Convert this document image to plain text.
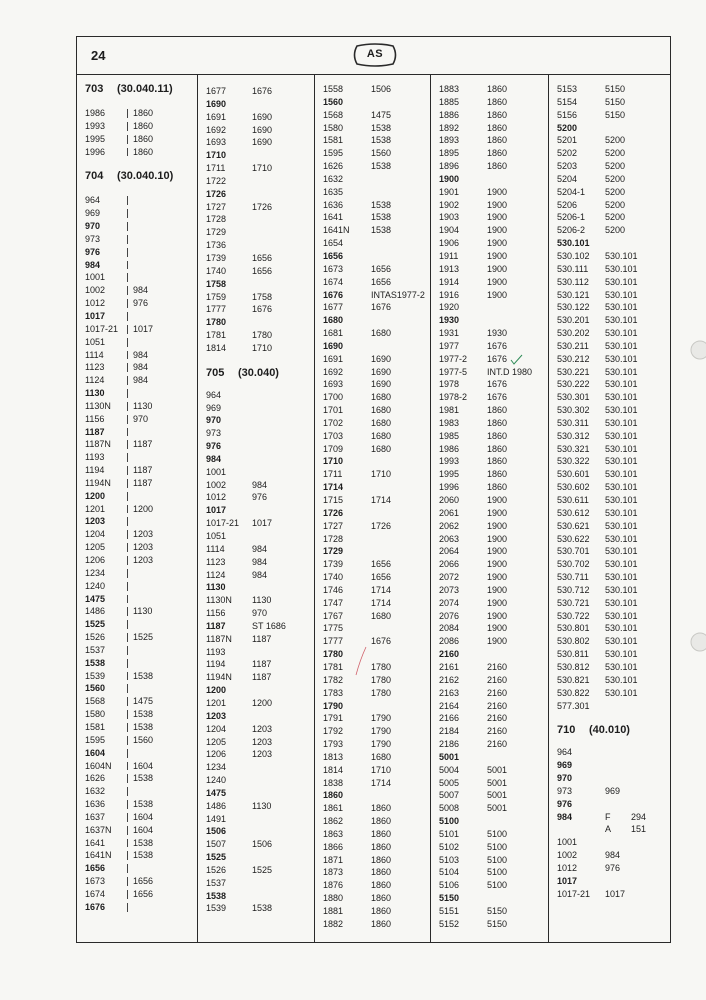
24	AS
703 (30.040.11)
1986	1860
1993	1860
1995	1860
1996	1860
704 (30.040.10)
964
969
970
973
976
984
1001
1002	984
1012	976
1017
1017-21 1017
1051
1114	984
1123	984
1124	984
1130
1130N 1130
1156	970
1187
1187N 1187
1193
1194	1187
1194N 1187
1200
1201	1200
1203
1204	1203
1205	1203
1206	1203
1234
1240
1475
1486	1130
1525
1526	1525
1537
1538
1539	1538
1560
1568	1475
1580	1538
1581	1538
1595	1560
1604
1604N 1604
1626	1538
1632
1636	1538
1637	1604
1637N 1604
1641	1538
1641N 1538
1656
1673	1656
1674	1656
1676
1677	1676
1690
1691	1690
1692	1690
1693	1690
1710
1711	1710
1722
1726
1727	1726
1728
1729
1736
1739	1656
1740	1656
1758
1759	1758
1777	1676
1780
1781	1780
1814	1710
705 (30.040)
964
969
970
973
976
984
1001
1002	984
1012	976
1017
1017-21 1017
1051
1114	984
1123	984
1124	984
1130
1130N 1130
1156	970
1187	ST 1686
1187N 1187
1193
1194	1187
1194N 1187
1200
1201	1200
1203
1204	1203
1205	1203
1206	1203
1234
1240
1475
1486	1130
1491
1506
1507	1506
1525
1526	1525
1537
1538
1539	1538
1558	1506
1560
1568	1475
1580	1538
1581	1538
1595	1560
1626	1538
1632
1635
1636	1538
1641	1538
1641N 1538
1654
1656
1673	1656
1674	1656
1676	INTAS1977-2
1677	1676
1680
1681	1680
1690
1691	1690
1692	1690
1693	1690
1700	1680
1701	1680
1702	1680
1703	1680
1709	1680
1710
1711	1710
1714
1715	1714
1726
1727	1726
1728
1729
1739	1656
1740	1656
1746	1714
1747	1714
1767	1680
1775
1777	1676
1780
1781	1780
1782	1780
1783	1780
1790
1791	1790
1792	1790
1793	1790
1813	1680
1814	1710
1838	1714
1860
1861	1860
1862	1860
1863	1860
1866	1860
1871	1860
1873	1860
1876	1860
1880	1860
1881	1860
1882	1860
1883	1860
1885	1860
1886	1860
1892	1860
1893	1860
1895	1860
1896	1860
1900
1901	1900
1902	1900
1903	1900
1904	1900
1906	1900
1911	1900
1913	1900
1914	1900
1916	1900
1920
1930
1931	1930
1977	1676
1977-2 1676
1977-5 INT.D 1980
1978	1676
1978-2 1676
1981	1860
1983	1860
1985	1860
1986	1860
1993	1860
1995	1860
1996	1860
2060	1900
2061	1900
2062	1900
2063	1900
2064	1900
2066	1900
2072	1900
2073	1900
2074	1900
2076	1900
2084	1900
2086	1900
2160
2161	2160
2162	2160
2163	2160
2164	2160
2166	2160
2184	2160
2186	2160
5001
5004	5001
5005	5001
5007	5001
5008	5001
5100
5101	5100
5102	5100
5103	5100
5104	5100
5106	5100
5150
5151	5150
5152	5150
5153	5150
5154	5150
5156	5150
5200
5201	5200
5202	5200
5203	5200
5204	5200
5204-1 5200
5206	5200
5206-1 5200
5206-2 5200
530.101
530.102 530.101
530.111 530.101
530.112 530.101
530.121 530.101
530.122 530.101
530.201 530.101
530.202 530.101
530.211 530.101
530.212 530.101
530.221 530.101
530.222 530.101
530.301 530.101
530.302 530.101
530.311 530.101
530.312 530.101
530.321 530.101
530.322 530.101
530.601 530.101
530.602 530.101
530.611 530.101
530.612 530.101
530.621 530.101
530.622 530.101
530.701 530.101
530.702 530.101
530.711 530.101
530.712 530.101
530.721 530.101
530.722 530.101
530.801 530.101
530.802 530.101
530.811 530.101
530.812 530.101
530.821 530.101
530.822 530.101
577.301
710 (40.010)
964
969
970
973	969
976
984	F 294
A 151
1001
1002	984
1012	976
1017
1017-21 1017
